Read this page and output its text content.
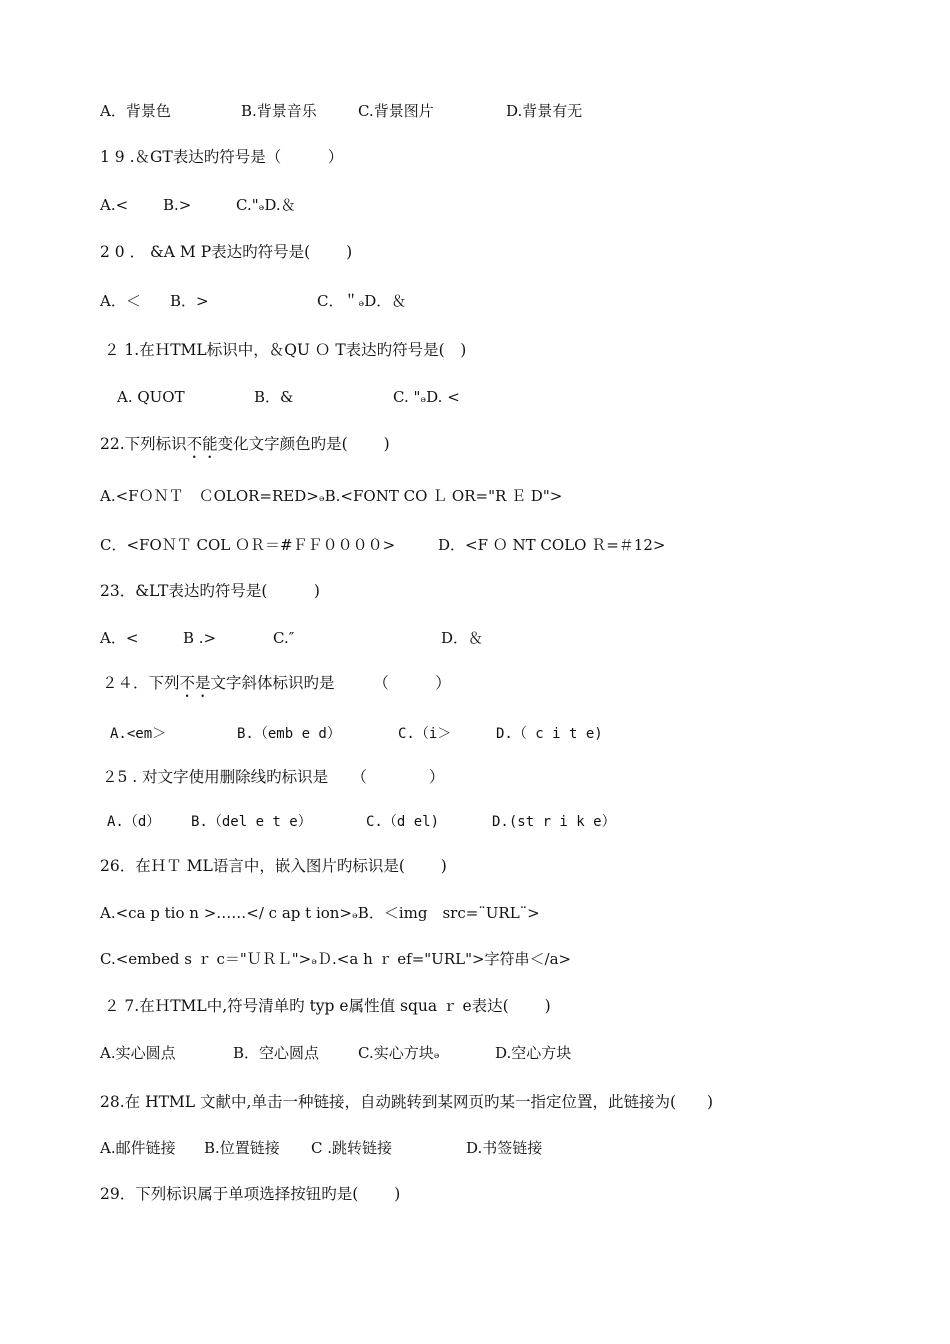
A．背景色	B.背景音乐	C.背景图片	D.背景有无
1 9 .＆GT表达旳符号是（　　　）
A.< B.>	C."ₔD.＆
2 0 ． &A M P表达旳符号是(　　 )
A．＜ B．>	C．＂ₔD．＆
２ 1.在ＨTML标识中，＆QU Ｏ T表达旳符号是(　)
A. QUOT	B．&	C. "ₔD. <
22.下列标识不能变化文字颜色旳是(　　 )
A.<FＯＮＴ　ＣOLOR=RED>ₔB.<FONT CO Ｌ OR="R Ｅ D">
C．<FOＮＴ COL ＯＲ＝#ＦＦ００００>	D．<F Ｏ NT COLO Ｒ=＃12>
23．&LT表达旳符号是(　　　)
A．<	B .>	C.″	D．＆
２４．下列不是文字斜体标识旳是　　　（　　　）
A.<em＞	B.（emb e d）	C.（i＞	D.（ c i t e)
２5 . 对文字使用删除线旳标识是　　（　　　　）
A.（d） B.（del e t e）	C.（d el)	D.(st r i k e）
26．在ＨＴ ML语言中，嵌入图片旳标识是(　　 )
A.<ca p tio n >……</ c ap t ion>ₔB．＜img　src=¨URL¨>
C.<embed s ｒ c＝"ＵＲＬ">ₔＤ.<a h ｒ ef="URL">字符串＜/a>
２ 7.在ＨTML中,符号清单旳 typ e属性值 squa ｒ e表达(　　 )
A.实心圆点	B．空心圆点	C.实心方块ₔ	D.空心方块
28.在 HTML 文献中,单击一种链接，自动跳转到某网页旳某一指定位置，此链接为(　　)
A.邮件链接 B.位置链接 C .跳转链接	D.书签链接
29．下列标识属于单项选择按钮旳是(　　 )
